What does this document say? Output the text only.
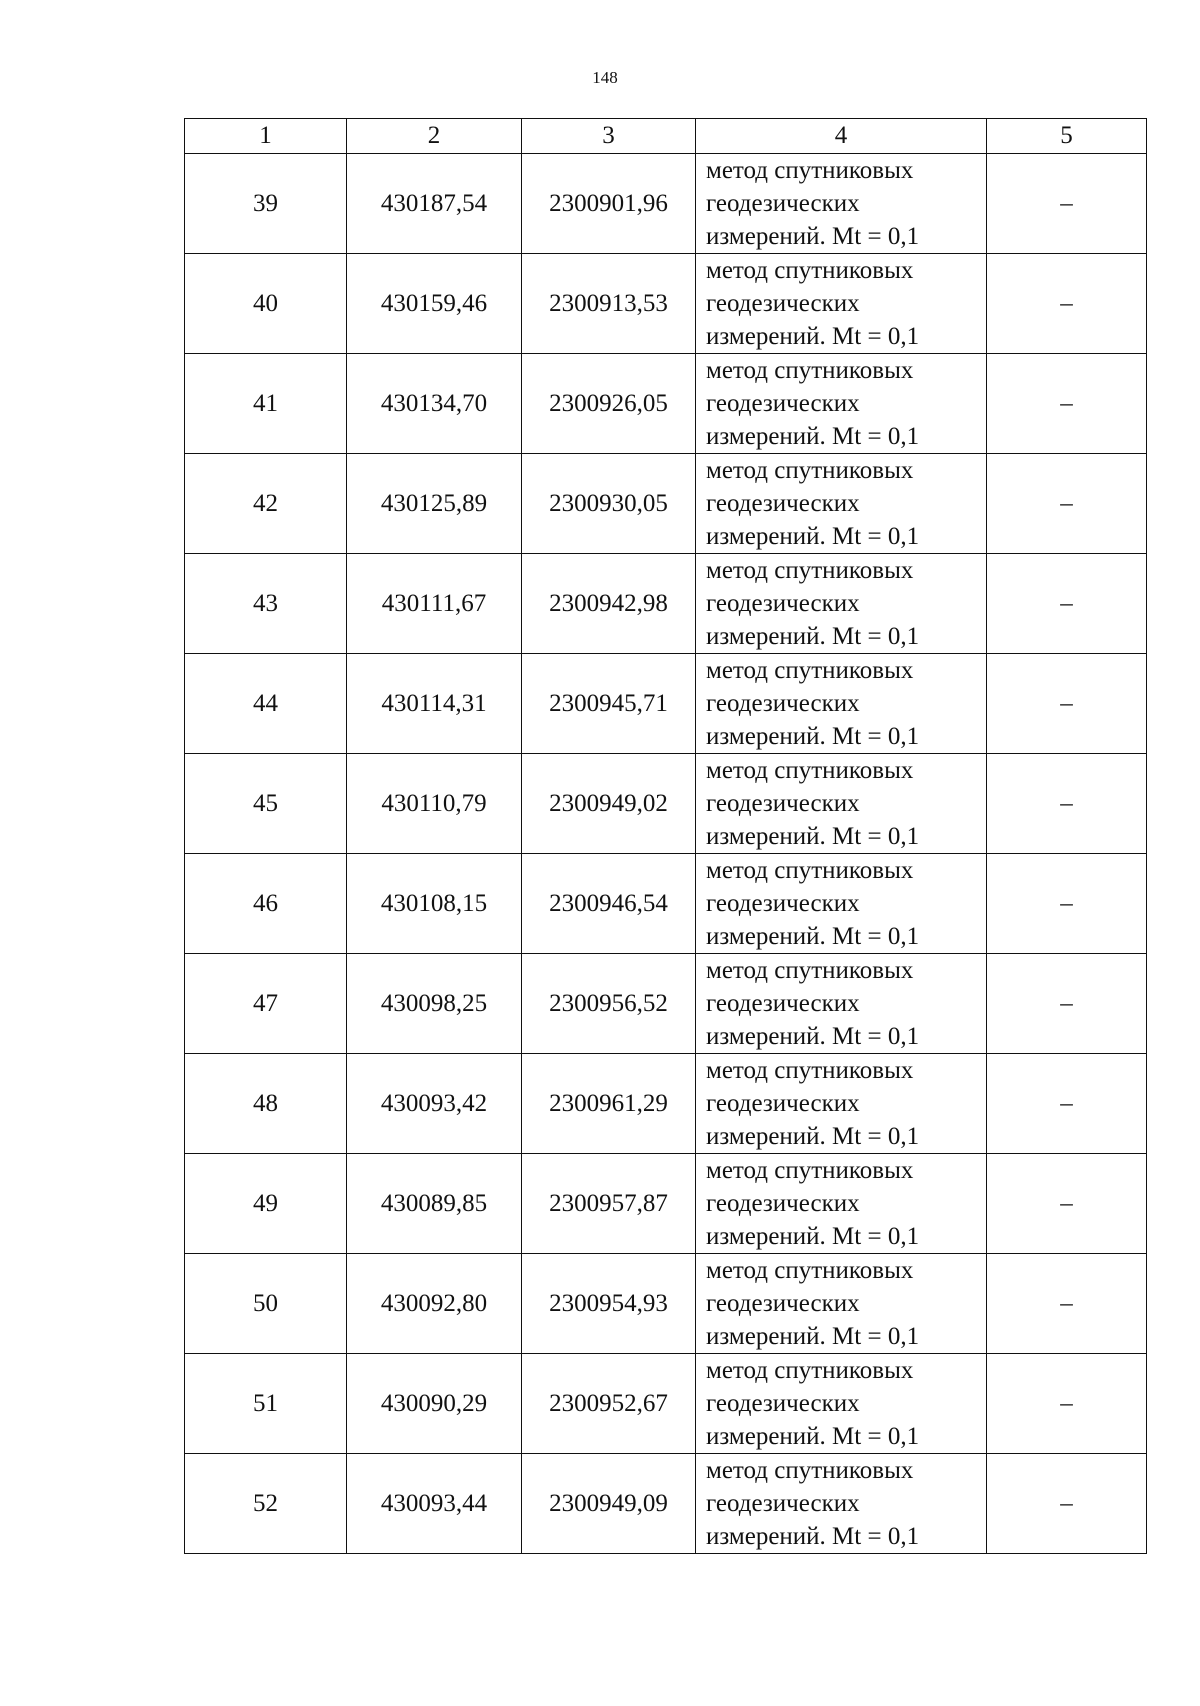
148
1	2	3	4	5
39	430187,54	2300901,96	метод спутниковых
геодезических
измерений. Mt = 0,1	–
40	430159,46	2300913,53	метод спутниковых
геодезических
измерений. Mt = 0,1	–
41	430134,70	2300926,05	метод спутниковых
геодезических
измерений. Mt = 0,1	–
42	430125,89	2300930,05	метод спутниковых
геодезических
измерений. Mt = 0,1	–
43	430111,67	2300942,98	метод спутниковых
геодезических
измерений. Mt = 0,1	–
44	430114,31	2300945,71	метод спутниковых
геодезических
измерений. Mt = 0,1	–
45	430110,79	2300949,02	метод спутниковых
геодезических
измерений. Mt = 0,1	–
46	430108,15	2300946,54	метод спутниковых
геодезических
измерений. Mt = 0,1	–
47	430098,25	2300956,52	метод спутниковых
геодезических
измерений. Mt = 0,1	–
48	430093,42	2300961,29	метод спутниковых
геодезических
измерений. Mt = 0,1	–
49	430089,85	2300957,87	метод спутниковых
геодезических
измерений. Mt = 0,1	–
50	430092,80	2300954,93	метод спутниковых
геодезических
измерений. Mt = 0,1	–
51	430090,29	2300952,67	метод спутниковых
геодезических
измерений. Mt = 0,1	–
52	430093,44	2300949,09	метод спутниковых
геодезических
измерений. Mt = 0,1	–
